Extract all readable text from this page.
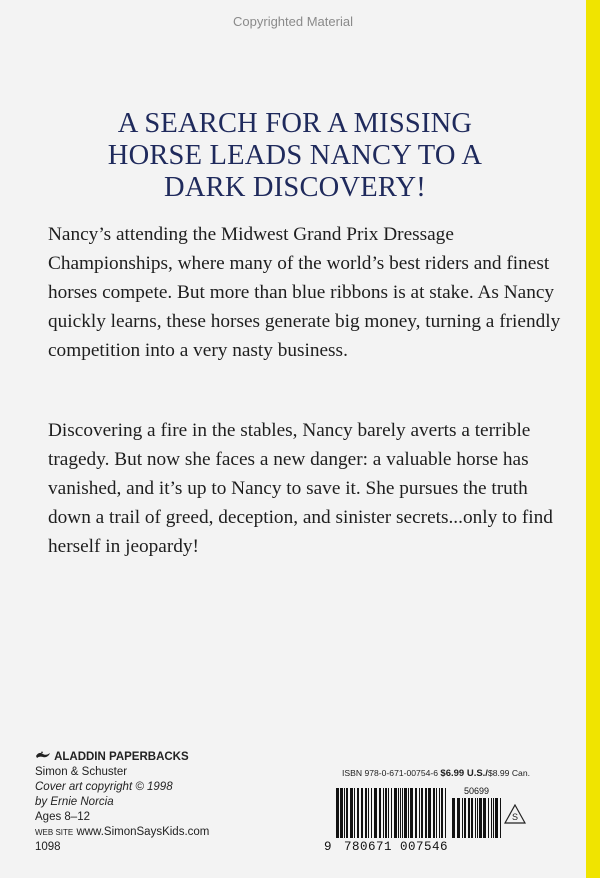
Copyrighted Material
A SEARCH FOR A MISSING
HORSE LEADS NANCY TO A
DARK DISCOVERY!

Nancy’s attending the Midwest Grand Prix Dressage Championships, where many of the world’s best riders and finest horses compete. But more than blue ribbons is at stake. As Nancy quickly learns, these horses generate big money, turning a friendly competition into a very nasty business.

Discovering a fire in the stables, Nancy barely averts a terrible tragedy. But now she faces a new danger: a valuable horse has vanished, and it’s up to Nancy to save it. She pursues the truth down a trail of greed, deception, and sinister secrets...only to find herself in jeopardy!

ALADDIN PAPERBACKS
Simon & Schuster
Cover art copyright © 1998
by Ernie Norcia
Ages 8–12
WEB SITE www.SimonSaysKids.com
1098
ISBN 978-0-671-00754-6 $6.99 U.S./$8.99 Can.
9 780671 007546
50699
S
